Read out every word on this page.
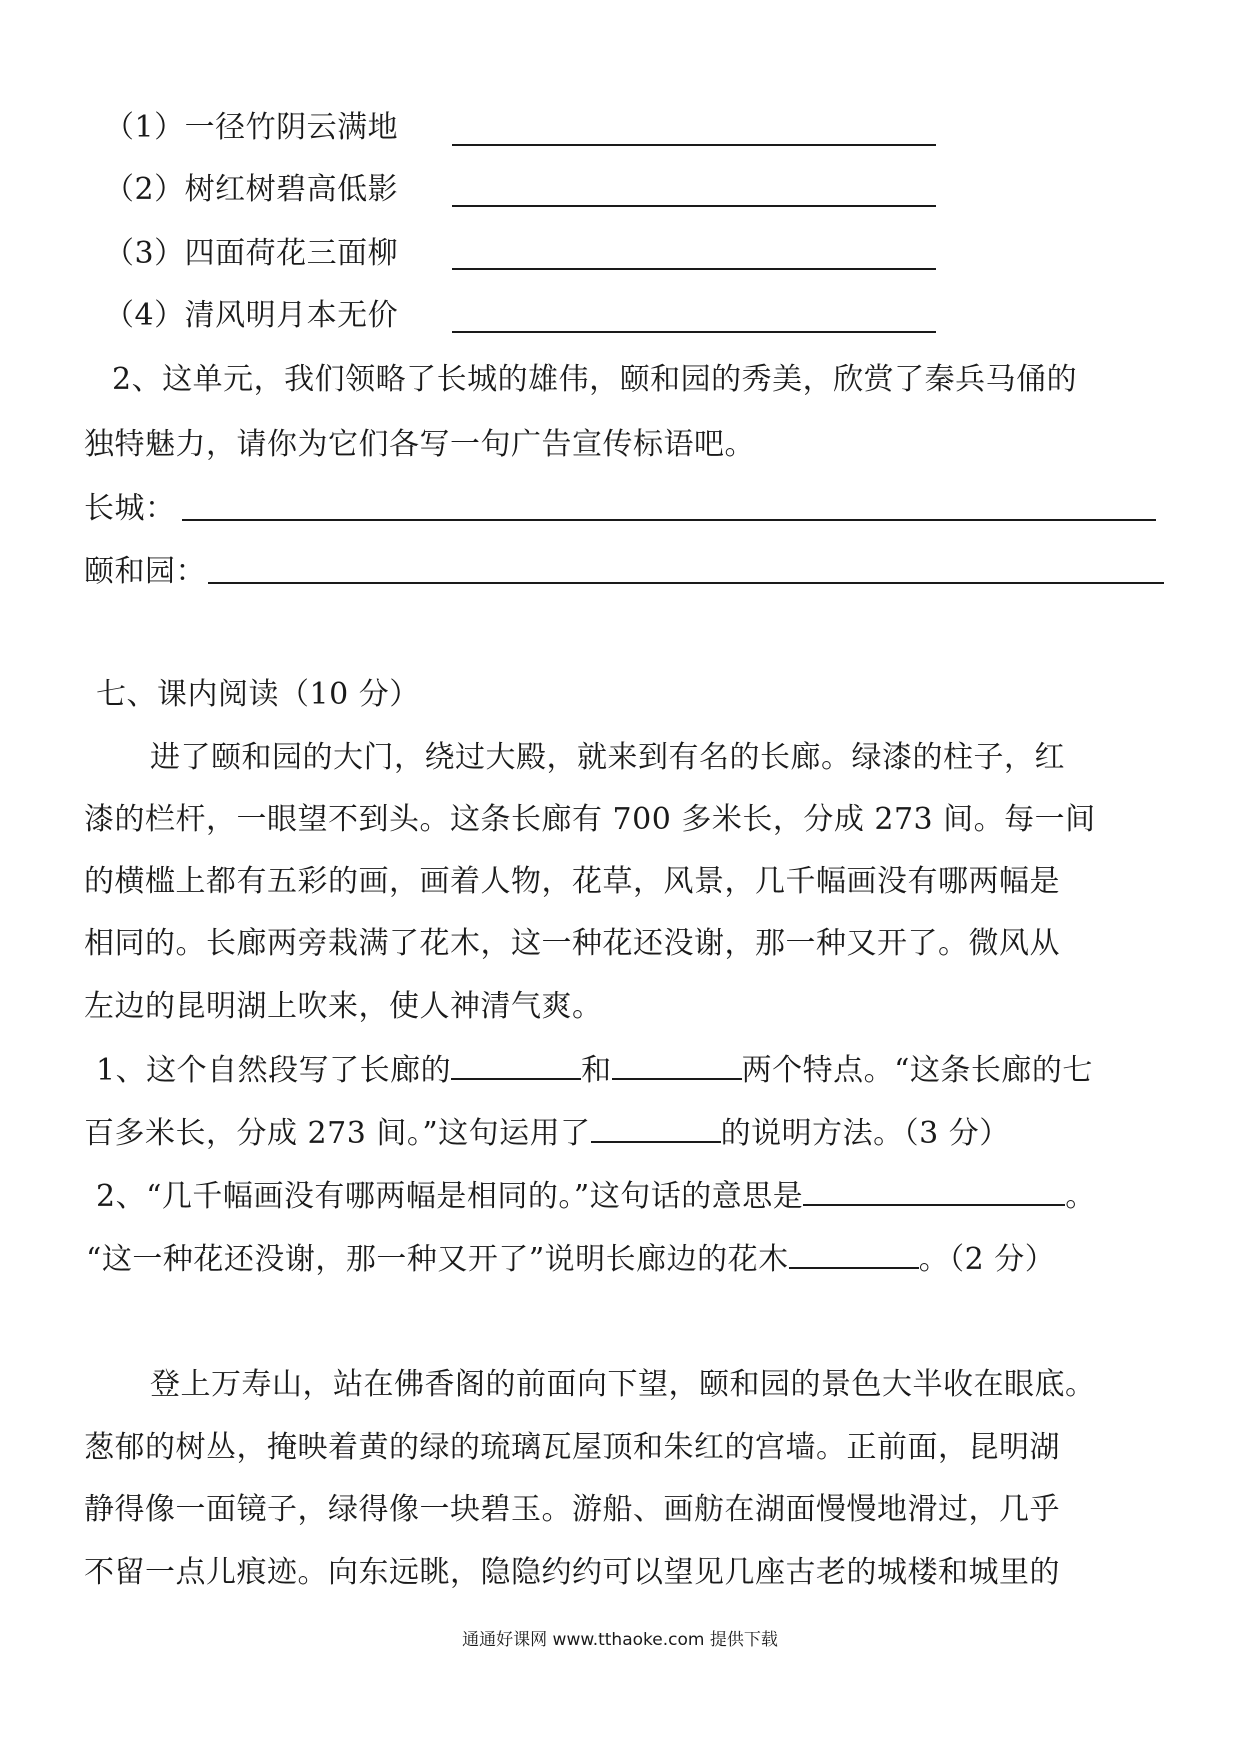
（1）一径竹阴云满地
（2）树红树碧高低影
（3）四面荷花三面柳
（4）清风明月本无价
2、这单元，我们领略了长城的雄伟，颐和园的秀美，欣赏了秦兵马俑的
独特魅力，请你为它们各写一句广告宣传标语吧。
长城：
颐和园：
七、课内阅读（10 分）
进了颐和园的大门，绕过大殿，就来到有名的长廊。绿漆的柱子，红
漆的栏杆，一眼望不到头。这条长廊有 700 多米长，分成 273 间。每一间
的横槛上都有五彩的画，画着人物，花草，风景，几千幅画没有哪两幅是
相同的。长廊两旁栽满了花木，这一种花还没谢，那一种又开了。微风从
左边的昆明湖上吹来，使人神清气爽。
1、这个自然段写了长廊的	和	两个特点。“这条长廊的七
百多米长，分成 273 间。”这句运用了	的说明方法。（3 分）
2、“几千幅画没有哪两幅是相同的。”这句话的意思是	。
“这一种花还没谢，那一种又开了”说明长廊边的花木	。（2 分）
登上万寿山，站在佛香阁的前面向下望，颐和园的景色大半收在眼底。
葱郁的树丛，掩映着黄的绿的琉璃瓦屋顶和朱红的宫墙。正前面，昆明湖
静得像一面镜子，绿得像一块碧玉。游船、画舫在湖面慢慢地滑过，几乎
不留一点儿痕迹。向东远眺，隐隐约约可以望见几座古老的城楼和城里的
通通好课网 www.tthaoke.com 提供下载
